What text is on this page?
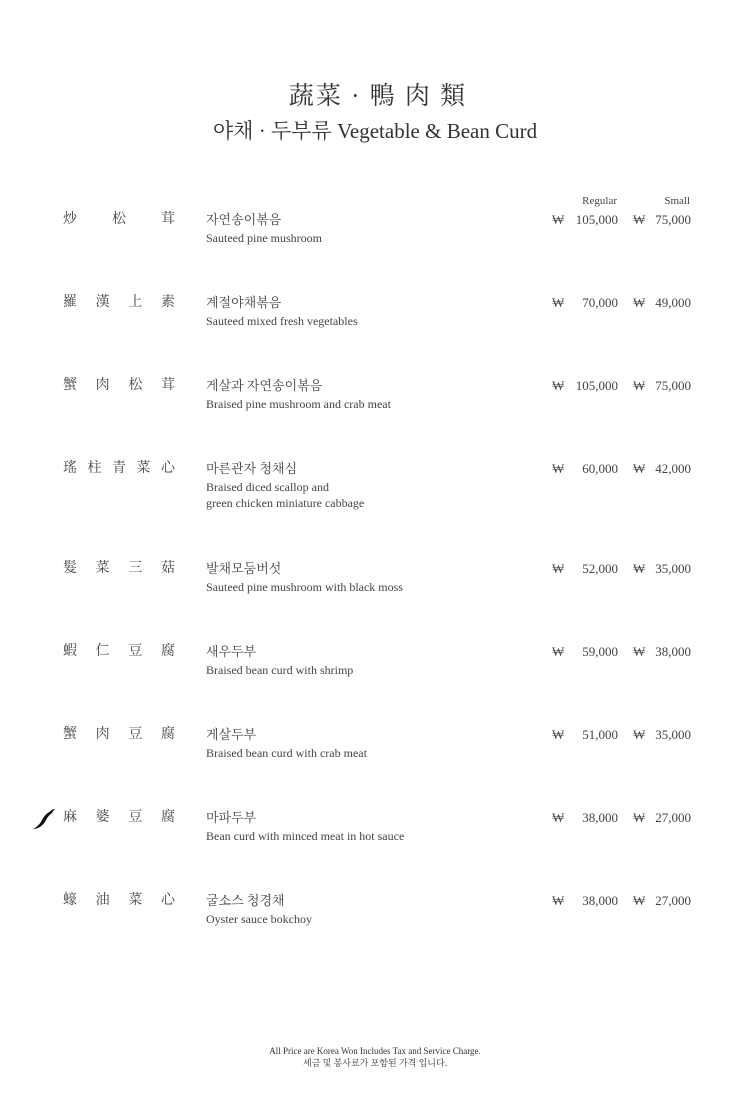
蔬菜 · 鴨 肉 類
야채 · 두부류 Vegetable & Bean Curd
Regular	Small
炒 松 茸 자연송이볶음
Sauteed pine mushroom
₩ 105,000 ₩ 75,000
羅 漢 上 素 계절야채볶음
Sauteed mixed fresh vegetables
₩ 70,000 ₩ 49,000
蟹 肉 松 茸 게살과 자연송이볶음
Braised pine mushroom and crab meat
₩ 105,000 ₩ 75,000
瑤 柱 青 菜 心 마른관자 청채심
Braised diced scallop and
green chicken miniature cabbage
₩ 60,000 ₩ 42,000
髮 菜 三 菇 발채모둠버섯
Sauteed pine mushroom with black moss
₩ 52,000 ₩ 35,000
蝦 仁 豆 腐 새우두부
Braised bean curd with shrimp
₩ 59,000 ₩ 38,000
蟹 肉 豆 腐 게살두부
Braised bean curd with crab meat
₩ 51,000 ₩ 35,000
麻 婆 豆 腐 마파두부
Bean curd with minced meat in hot sauce
₩ 38,000 ₩ 27,000
蠔 油 菜 心 굴소스 청경채
Oyster sauce bokchoy
₩ 38,000 ₩ 27,000
All Price are Korea Won Includes Tax and Service Charge.
세금 및 봉사료가 포함된 가격 입니다.
